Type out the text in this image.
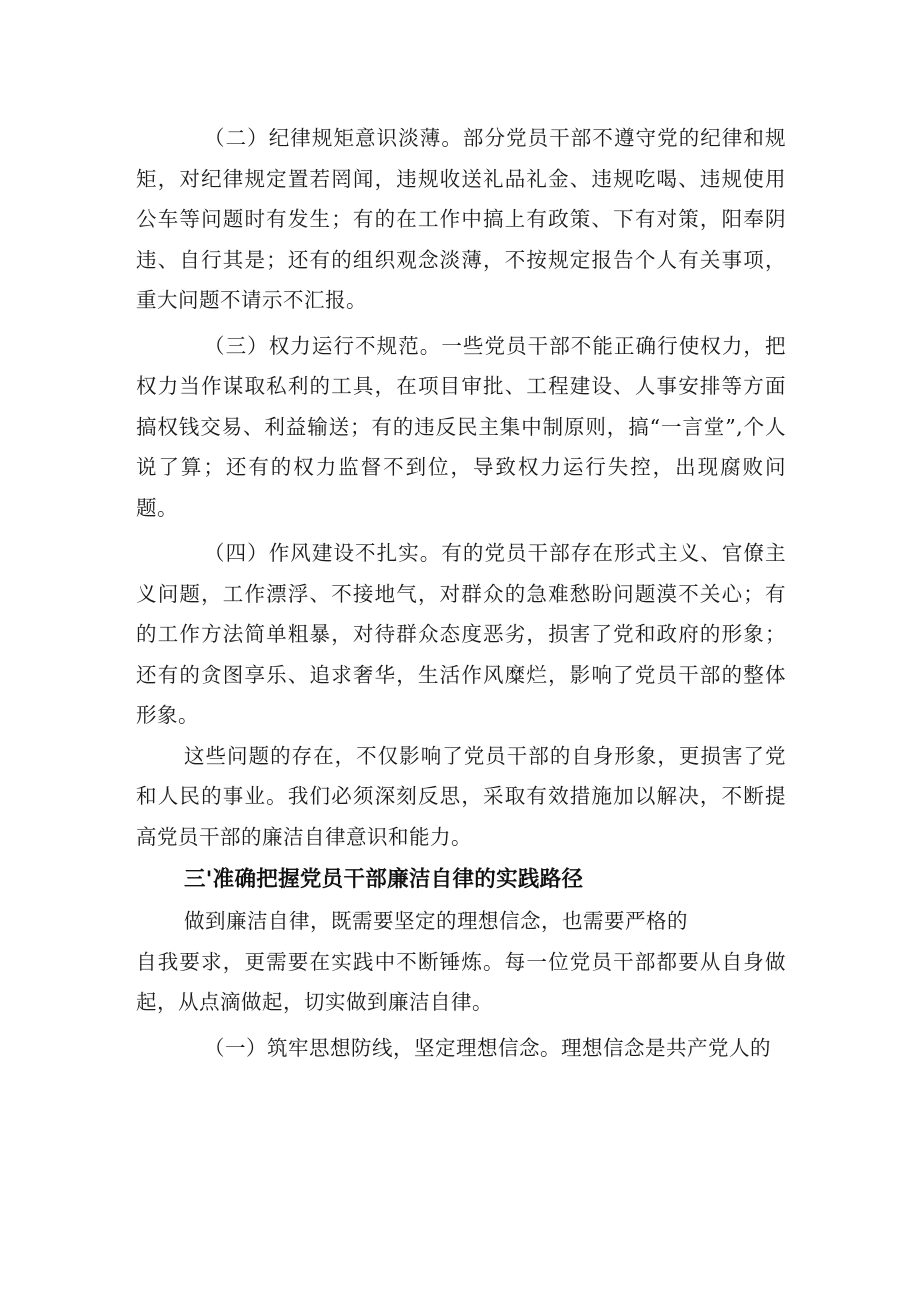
（二）纪律规矩意识淡薄。部分党员干部不遵守党的纪律和规矩，对纪律规定置若罔闻，违规收送礼品礼金、违规吃喝、违规使用公车等问题时有发生；有的在工作中搞上有政策、下有对策，阳奉阴违、自行其是；还有的组织观念淡薄，不按规定报告个人有关事项，重大问题不请示不汇报。

（三）权力运行不规范。一些党员干部不能正确行使权力，把权力当作谋取私利的工具，在项目审批、工程建设、人事安排等方面搞权钱交易、利益输送；有的违反民主集中制原则，搞“一言堂”,个人说了算；还有的权力监督不到位，导致权力运行失控，出现腐败问题。

（四）作风建设不扎实。有的党员干部存在形式主义、官僚主义问题，工作漂浮、不接地气，对群众的急难愁盼问题漠不关心；有的工作方法简单粗暴，对待群众态度恶劣，损害了党和政府的形象；还有的贪图享乐、追求奢华，生活作风糜烂，影响了党员干部的整体形象。

这些问题的存在，不仅影响了党员干部的自身形象，更损害了党和人民的事业。我们必须深刻反思，采取有效措施加以解决，不断提高党员干部的廉洁自律意识和能力。

三'准确把握党员干部廉洁自律的实践路径

做到廉洁自律，既需要坚定的理想信念，也需要严格的
自我要求，更需要在实践中不断锤炼。每一位党员干部都要从自身做起，从点滴做起，切实做到廉洁自律。

（一）筑牢思想防线，坚定理想信念。理想信念是共产党人的
